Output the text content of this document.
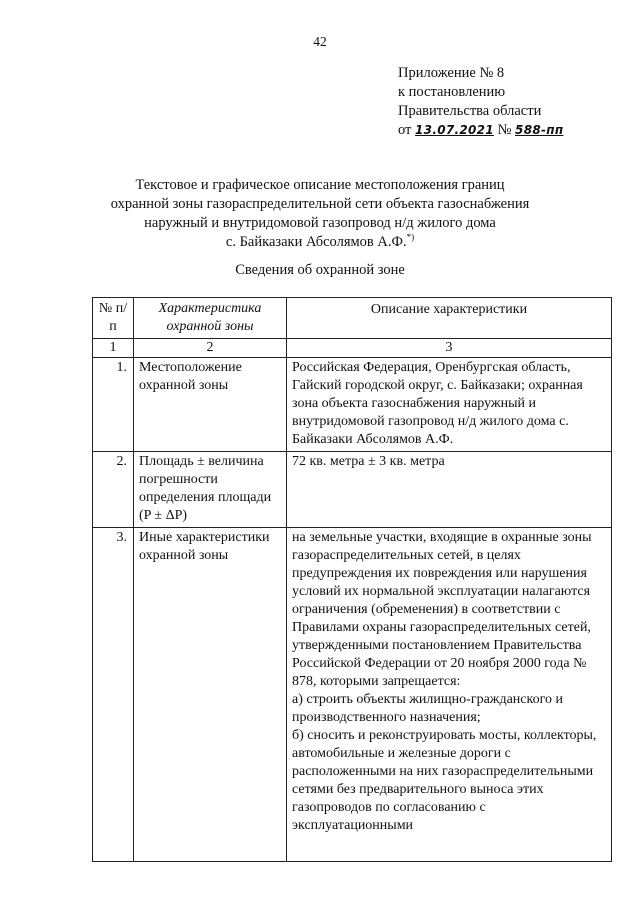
42
Приложение № 8
к постановлению
Правительства области
от 13.07.2021 № 588-пп
Текстовое и графическое описание местоположения границ
охранной зоны газораспределительной сети объекта газоснабжения
наружный и внутридомовой газопровод н/д жилого дома
с. Байказаки Абсолямов А.Ф.*)
Сведения об охранной зоне
№ п/п	Характеристика охранной зоны	Описание характеристики
1	2	3
1.	Местоположение охранной зоны	Российская Федерация, Оренбургская область, Гайский городской округ, с. Байказаки; охранная зона объекта газоснабжения наружный и внутридомовой газопровод н/д жилого дома с. Байказаки Абсолямов А.Ф.
2.	Площадь ± величина погрешности определения площади (P ± ΔP)	72 кв. метра ± 3 кв. метра
3.	Иные характеристики охранной зоны	на земельные участки, входящие в охранные зоны газораспределительных сетей, в целях предупреждения их повреждения или нарушения условий их нормальной эксплуатации налагаются ограничения (обременения) в соответствии с Правилами охраны газораспределительных сетей, утвержденными постановлением Правительства Российской Федерации от 20 ноября 2000 года № 878, которыми запрещается:
а) строить объекты жилищно-гражданского и производственного назначения;
б) сносить и реконструировать мосты, коллекторы, автомобильные и железные дороги с расположенными на них газораспределительными сетями без предварительного выноса этих газопроводов по согласованию с эксплуатационными
